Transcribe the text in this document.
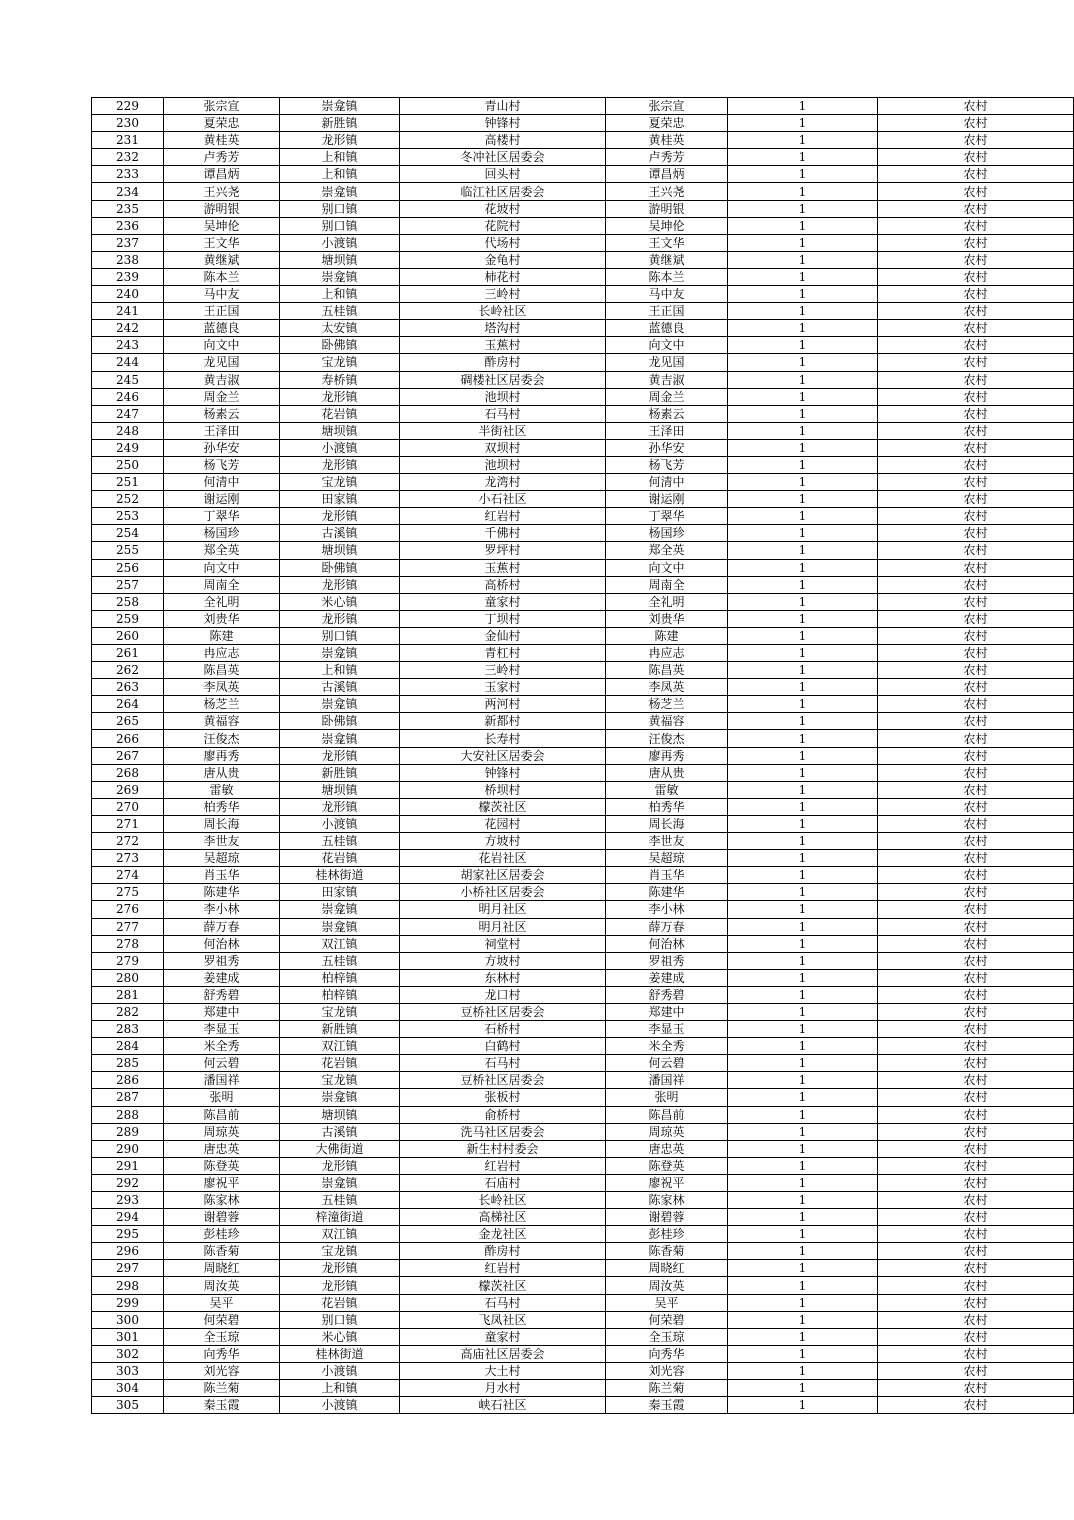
229	张宗宣	崇龛镇	青山村	张宗宣	1	农村
230	夏荣忠	新胜镇	钟锋村	夏荣忠	1	农村
231	黄桂英	龙形镇	高楼村	黄桂英	1	农村
232	卢秀芳	上和镇	冬冲社区居委会	卢秀芳	1	农村
233	谭昌炳	上和镇	回头村	谭昌炳	1	农村
234	王兴尧	崇龛镇	临江社区居委会	王兴尧	1	农村
235	游明银	别口镇	花坡村	游明银	1	农村
236	吴坤伦	别口镇	花院村	吴坤伦	1	农村
237	王文华	小渡镇	代场村	王文华	1	农村
238	黄继斌	塘坝镇	金龟村	黄继斌	1	农村
239	陈本兰	崇龛镇	柿花村	陈本兰	1	农村
240	马中友	上和镇	三岭村	马中友	1	农村
241	王正国	五桂镇	长岭社区	王正国	1	农村
242	蓝德良	太安镇	塔沟村	蓝德良	1	农村
243	向文中	卧佛镇	玉蕉村	向文中	1	农村
244	龙见国	宝龙镇	酢房村	龙见国	1	农村
245	黄吉淑	寿桥镇	碉楼社区居委会	黄吉淑	1	农村
246	周金兰	龙形镇	池坝村	周金兰	1	农村
247	杨素云	花岩镇	石马村	杨素云	1	农村
248	王泽田	塘坝镇	半街社区	王泽田	1	农村
249	孙华安	小渡镇	双坝村	孙华安	1	农村
250	杨飞芳	龙形镇	池坝村	杨飞芳	1	农村
251	何清中	宝龙镇	龙湾村	何清中	1	农村
252	谢运刚	田家镇	小石社区	谢运刚	1	农村
253	丁翠华	龙形镇	红岩村	丁翠华	1	农村
254	杨国珍	古溪镇	千佛村	杨国珍	1	农村
255	郑全英	塘坝镇	罗坪村	郑全英	1	农村
256	向文中	卧佛镇	玉蕉村	向文中	1	农村
257	周南全	龙形镇	高桥村	周南全	1	农村
258	全礼明	米心镇	童家村	全礼明	1	农村
259	刘贵华	龙形镇	丁坝村	刘贵华	1	农村
260	陈建	别口镇	金仙村	陈建	1	农村
261	冉应志	崇龛镇	青杠村	冉应志	1	农村
262	陈昌英	上和镇	三岭村	陈昌英	1	农村
263	李凤英	古溪镇	玉家村	李凤英	1	农村
264	杨芝兰	崇龛镇	两河村	杨芝兰	1	农村
265	黄福容	卧佛镇	新都村	黄福容	1	农村
266	汪俊杰	崇龛镇	长寿村	汪俊杰	1	农村
267	廖再秀	龙形镇	大安社区居委会	廖再秀	1	农村
268	唐从贵	新胜镇	钟锋村	唐从贵	1	农村
269	雷敏	塘坝镇	桥坝村	雷敏	1	农村
270	柏秀华	龙形镇	檬茨社区	柏秀华	1	农村
271	周长海	小渡镇	花园村	周长海	1	农村
272	李世友	五桂镇	方坡村	李世友	1	农村
273	吴超琼	花岩镇	花岩社区	吴超琼	1	农村
274	肖玉华	桂林街道	胡家社区居委会	肖玉华	1	农村
275	陈建华	田家镇	小桥社区居委会	陈建华	1	农村
276	李小林	崇龛镇	明月社区	李小林	1	农村
277	薛万春	崇龛镇	明月社区	薛万春	1	农村
278	何治林	双江镇	祠堂村	何治林	1	农村
279	罗祖秀	五桂镇	方坡村	罗祖秀	1	农村
280	姜建成	柏梓镇	东林村	姜建成	1	农村
281	舒秀碧	柏梓镇	龙口村	舒秀碧	1	农村
282	郑建中	宝龙镇	豆桥社区居委会	郑建中	1	农村
283	李显玉	新胜镇	石桥村	李显玉	1	农村
284	米全秀	双江镇	白鹤村	米全秀	1	农村
285	何云碧	花岩镇	石马村	何云碧	1	农村
286	潘国祥	宝龙镇	豆桥社区居委会	潘国祥	1	农村
287	张明	崇龛镇	张板村	张明	1	农村
288	陈昌前	塘坝镇	俞桥村	陈昌前	1	农村
289	周琼英	古溪镇	洗马社区居委会	周琼英	1	农村
290	唐忠英	大佛街道	新生村村委会	唐忠英	1	农村
291	陈登英	龙形镇	红岩村	陈登英	1	农村
292	廖祝平	崇龛镇	石庙村	廖祝平	1	农村
293	陈家林	五桂镇	长岭社区	陈家林	1	农村
294	谢碧蓉	梓潼街道	高梯社区	谢碧蓉	1	农村
295	彭桂珍	双江镇	金龙社区	彭桂珍	1	农村
296	陈香菊	宝龙镇	酢房村	陈香菊	1	农村
297	周晓红	龙形镇	红岩村	周晓红	1	农村
298	周汝英	龙形镇	檬茨社区	周汝英	1	农村
299	吴平	花岩镇	石马村	吴平	1	农村
300	何荣碧	别口镇	飞凤社区	何荣碧	1	农村
301	全玉琼	米心镇	童家村	全玉琼	1	农村
302	向秀华	桂林街道	高庙社区居委会	向秀华	1	农村
303	刘光容	小渡镇	大土村	刘光容	1	农村
304	陈兰菊	上和镇	月水村	陈兰菊	1	农村
305	秦玉霞	小渡镇	峡石社区	秦玉霞	1	农村
